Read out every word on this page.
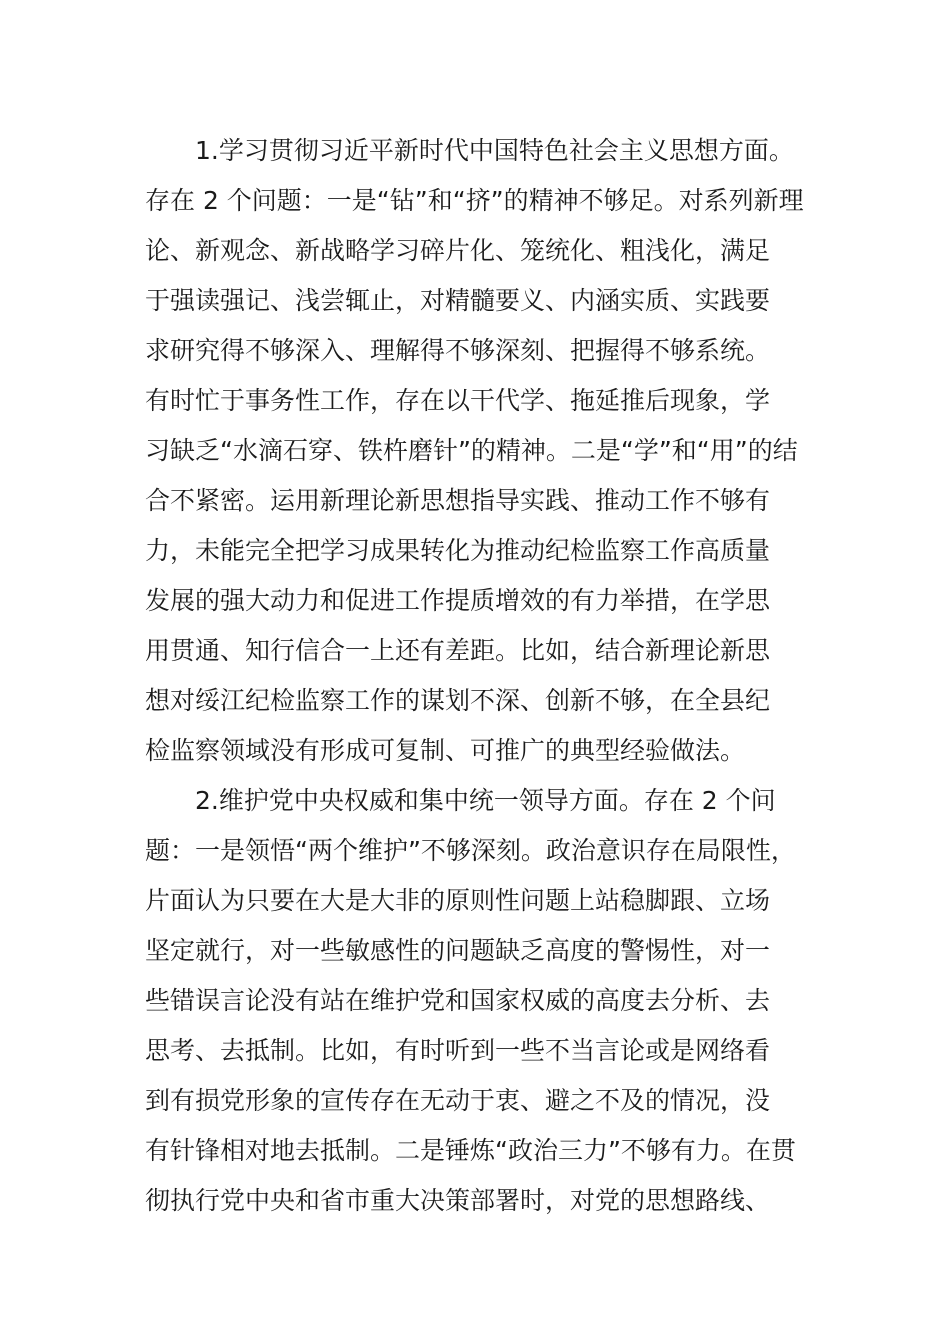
1.学习贯彻习近平新时代中国特色社会主义思想方面。
存在 2 个问题：一是“钻”和“挤”的精神不够足。对系列新理
论、新观念、新战略学习碎片化、笼统化、粗浅化，满足
于强读强记、浅尝辄止，对精髓要义、内涵实质、实践要
求研究得不够深入、理解得不够深刻、把握得不够系统。
有时忙于事务性工作，存在以干代学、拖延推后现象，学
习缺乏“水滴石穿、铁杵磨针”的精神。二是“学”和“用”的结
合不紧密。运用新理论新思想指导实践、推动工作不够有
力，未能完全把学习成果转化为推动纪检监察工作高质量
发展的强大动力和促进工作提质增效的有力举措，在学思
用贯通、知行信合一上还有差距。比如，结合新理论新思
想对绥江纪检监察工作的谋划不深、创新不够，在全县纪
检监察领域没有形成可复制、可推广的典型经验做法。
2.维护党中央权威和集中统一领导方面。存在 2 个问
题：一是领悟“两个维护”不够深刻。政治意识存在局限性，
片面认为只要在大是大非的原则性问题上站稳脚跟、立场
坚定就行，对一些敏感性的问题缺乏高度的警惕性，对一
些错误言论没有站在维护党和国家权威的高度去分析、去
思考、去抵制。比如，有时听到一些不当言论或是网络看
到有损党形象的宣传存在无动于衷、避之不及的情况，没
有针锋相对地去抵制。二是锤炼“政治三力”不够有力。在贯
彻执行党中央和省市重大决策部署时，对党的思想路线、
